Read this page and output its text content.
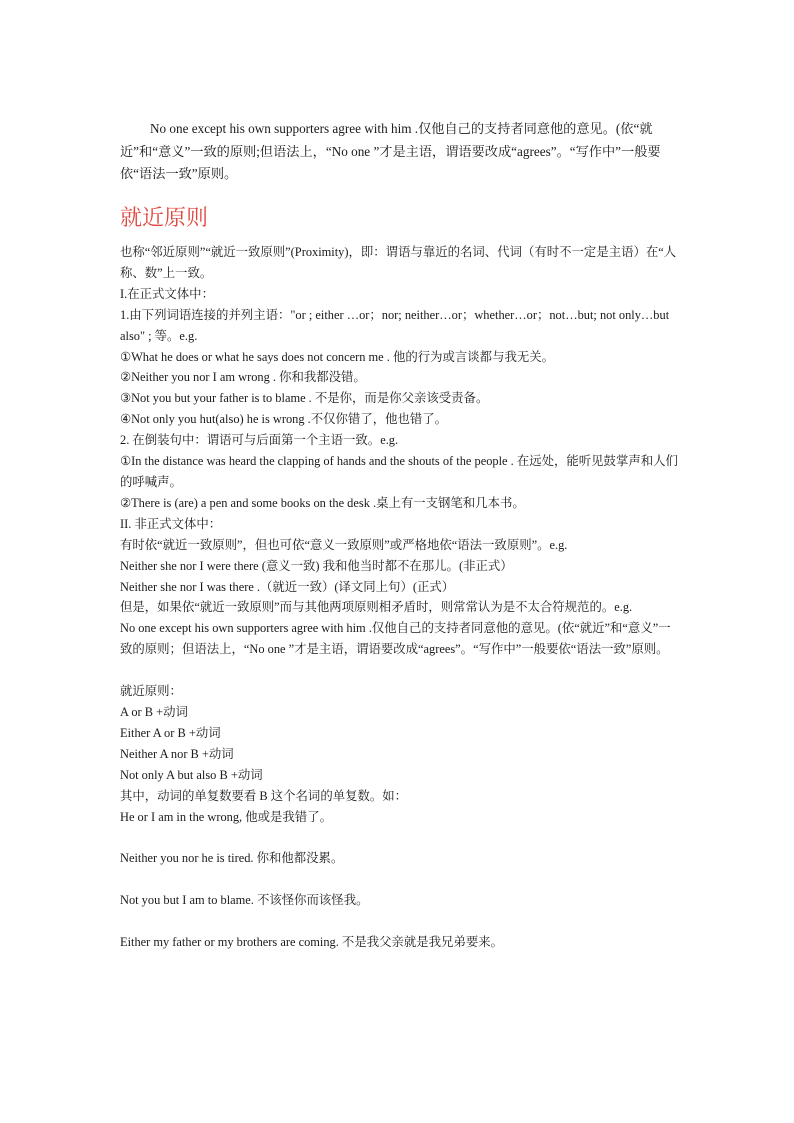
No one except his own supporters agree with him .仅他自己的支持者同意他的意见。(依“就近”和“意义”一致的原则;但语法上，“No one ”才是主语，谓语要改成“agrees”。“写作中”一般要依“语法一致”原则。

就近原则

也称“邻近原则”“就近一致原则”(Proximity)，即：谓语与靠近的名词、代词（有时不一定是主语）在“人称、数”上一致。

I.在正式文体中：

1.由下列词语连接的并列主语："or ; either …or；nor; neither…or；whether…or；not…but; not only…but also" ; 等。e.g.

①What he does or what he says does not concern me . 他的行为或言谈都与我无关。

②Neither you nor I am wrong . 你和我都没错。

③Not you but your father is to blame . 不是你，而是你父亲该受责备。

④Not only you hut(also) he is wrong .不仅你错了，他也错了。

2. 在倒装句中：谓语可与后面第一个主语一致。e.g.

①In the distance was heard the clapping of hands and the shouts of the people . 在远处，能听见鼓掌声和人们的呼喊声。

②There is (are) a pen and some books on the desk .桌上有一支钢笔和几本书。

II. 非正式文体中：

有时依“就近一致原则”，但也可依“意义一致原则”或严格地依“语法一致原则”。e.g.

Neither she nor I were there (意义一致) 我和他当时都不在那儿。(非正式）

Neither she nor I was there .（就近一致）(译文同上句）(正式）

但是，如果依“就近一致原则”而与其他两项原则相矛盾时，则常常认为是不太合符规范的。e.g.

No one except his own supporters agree with him .仅他自己的支持者同意他的意见。(依“就近”和“意义”一致的原则；但语法上，“No one ”才是主语，谓语要改成“agrees”。“写作中”一般要依“语法一致”原则。

就近原则：

A or B +动词

Either A or B +动词

Neither A nor B +动词

Not only A but also B +动词

其中，动词的单复数要看 B 这个名词的单复数。如：

He or I am in the wrong, 他或是我错了。

Neither you nor he is tired. 你和他都没累。

Not you but I am to blame. 不该怪你而该怪我。

Either my father or my brothers are coming. 不是我父亲就是我兄弟要来。
